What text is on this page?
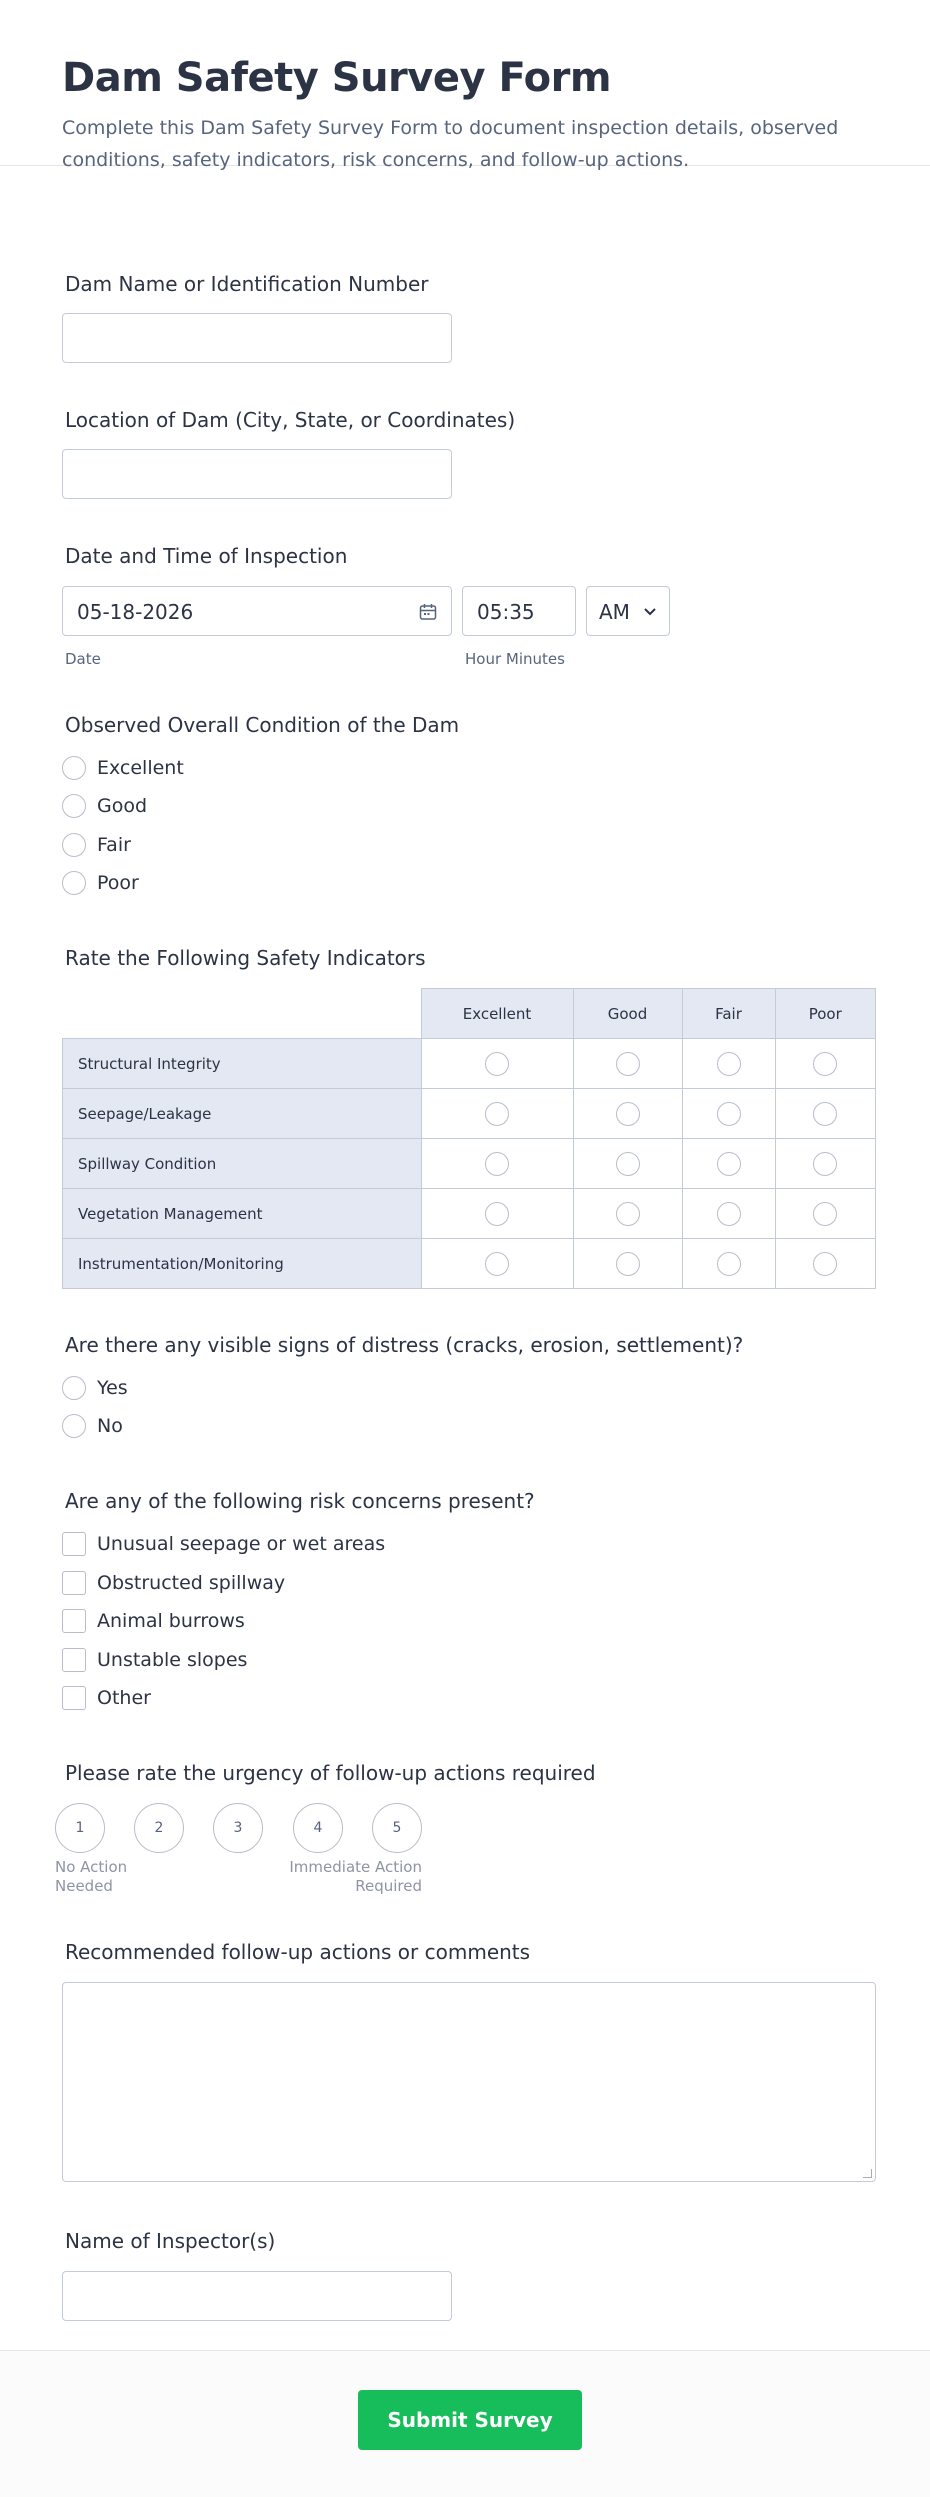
Dam Safety Survey Form

Complete this Dam Safety Survey Form to document inspection details, observed conditions, safety indicators, risk concerns, and follow-up actions.

Dam Name or Identification Number
Location of Dam (City, State, or Coordinates)
Date and Time of Inspection
05-18-2026	05:35	AM
Date	Hour Minutes
Observed Overall Condition of the Dam
Excellent
Good
Fair
Poor
Rate the Following Safety Indicators
	Excellent	Good	Fair	Poor
Structural Integrity				
Seepage/Leakage				
Spillway Condition				
Vegetation Management				
Instrumentation/Monitoring				
Are there any visible signs of distress (cracks, erosion, settlement)?
Yes
No
Are any of the following risk concerns present?
Unusual seepage or wet areas
Obstructed spillway
Animal burrows
Unstable slopes
Other
Please rate the urgency of follow-up actions required
1	2	3	4	5
No Action
Needed
Immediate Action
Required
Recommended follow-up actions or comments
Name of Inspector(s)
Submit Survey
